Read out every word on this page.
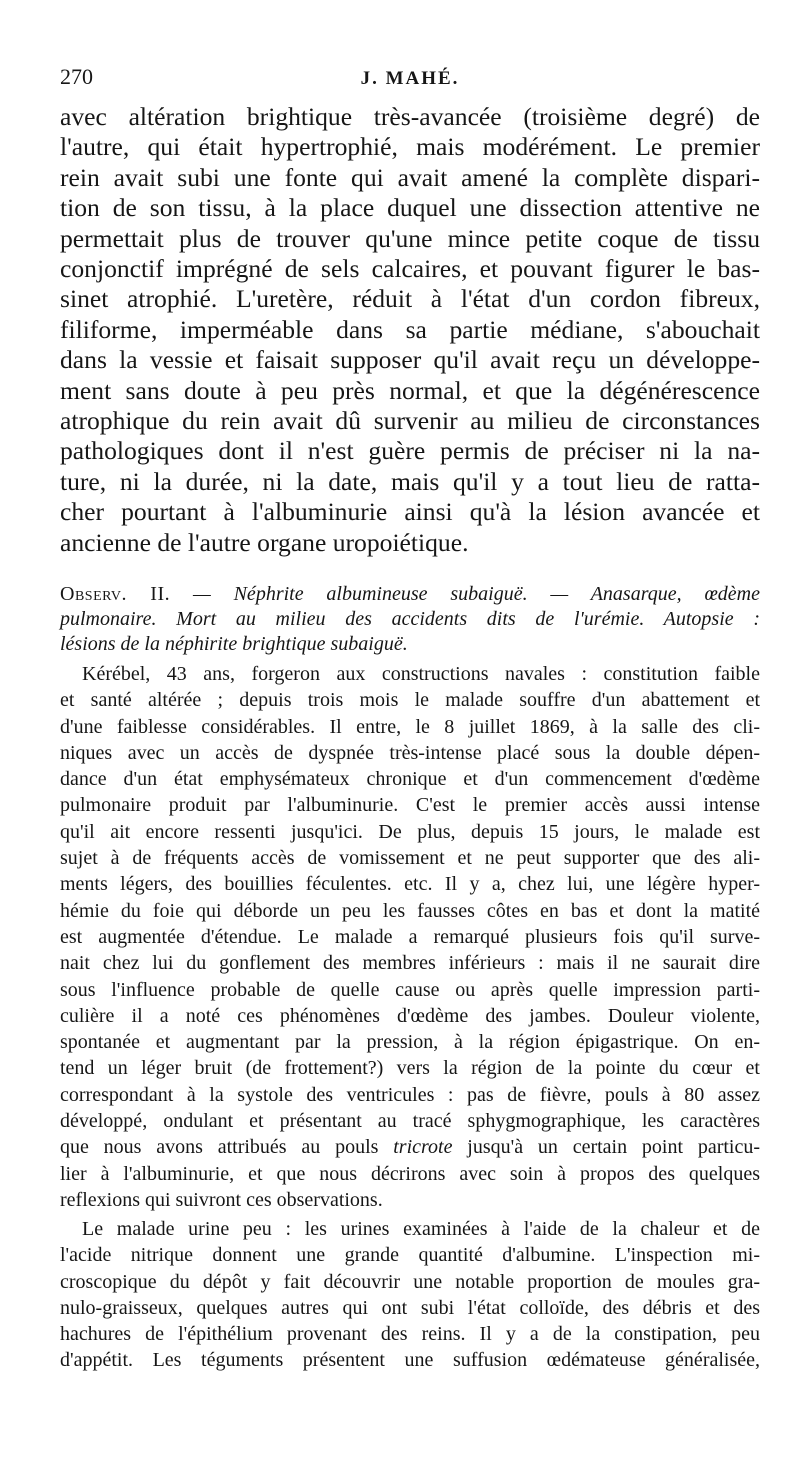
270	J. MAHÉ.
avec altération brightique très-avancée (troisième degré) de
l'autre, qui était hypertrophié, mais modérément. Le premier
rein avait subi une fonte qui avait amené la complète dispari-
tion de son tissu, à la place duquel une dissection attentive ne
permettait plus de trouver qu'une mince petite coque de tissu
conjonctif imprégné de sels calcaires, et pouvant figurer le bas-
sinet atrophié. L'uretère, réduit à l'état d'un cordon fibreux,
filiforme, imperméable dans sa partie médiane, s'abouchait
dans la vessie et faisait supposer qu'il avait reçu un développe-
ment sans doute à peu près normal, et que la dégénérescence
atrophique du rein avait dû survenir au milieu de circonstances
pathologiques dont il n'est guère permis de préciser ni la na-
ture, ni la durée, ni la date, mais qu'il y a tout lieu de ratta-
cher pourtant à l'albuminurie ainsi qu'à la lésion avancée et
ancienne de l'autre organe uropoiétique.
Observ. II. — Néphrite albumineuse subaiguë. — Anasarque, œdème
pulmonaire. Mort au milieu des accidents dits de l'urémie. Autopsie :
lésions de la néphirite brightique subaiguë.
Kérébel, 43 ans, forgeron aux constructions navales : constitution faible
et santé altérée ; depuis trois mois le malade souffre d'un abattement et
d'une faiblesse considérables. Il entre, le 8 juillet 1869, à la salle des cli-
niques avec un accès de dyspnée très-intense placé sous la double dépen-
dance d'un état emphysémateux chronique et d'un commencement d'œdème
pulmonaire produit par l'albuminurie. C'est le premier accès aussi intense
qu'il ait encore ressenti jusqu'ici. De plus, depuis 15 jours, le malade est
sujet à de fréquents accès de vomissement et ne peut supporter que des ali-
ments légers, des bouillies féculentes. etc. Il y a, chez lui, une légère hyper-
hémie du foie qui déborde un peu les fausses côtes en bas et dont la matité
est augmentée d'étendue. Le malade a remarqué plusieurs fois qu'il surve-
nait chez lui du gonflement des membres inférieurs : mais il ne saurait dire
sous l'influence probable de quelle cause ou après quelle impression parti-
culière il a noté ces phénomènes d'œdème des jambes. Douleur violente,
spontanée et augmentant par la pression, à la région épigastrique. On en-
tend un léger bruit (de frottement?) vers la région de la pointe du cœur et
correspondant à la systole des ventricules : pas de fièvre, pouls à 80 assez
développé, ondulant et présentant au tracé sphygmographique, les caractères
que nous avons attribués au pouls tricrote jusqu'à un certain point particu-
lier à l'albuminurie, et que nous décrirons avec soin à propos des quelques
reflexions qui suivront ces observations.
Le malade urine peu : les urines examinées à l'aide de la chaleur et de
l'acide nitrique donnent une grande quantité d'albumine. L'inspection mi-
croscopique du dépôt y fait découvrir une notable proportion de moules gra-
nulo-graisseux, quelques autres qui ont subi l'état colloïde, des débris et des
hachures de l'épithélium provenant des reins. Il y a de la constipation, peu
d'appétit. Les téguments présentent une suffusion œdémateuse généralisée,
